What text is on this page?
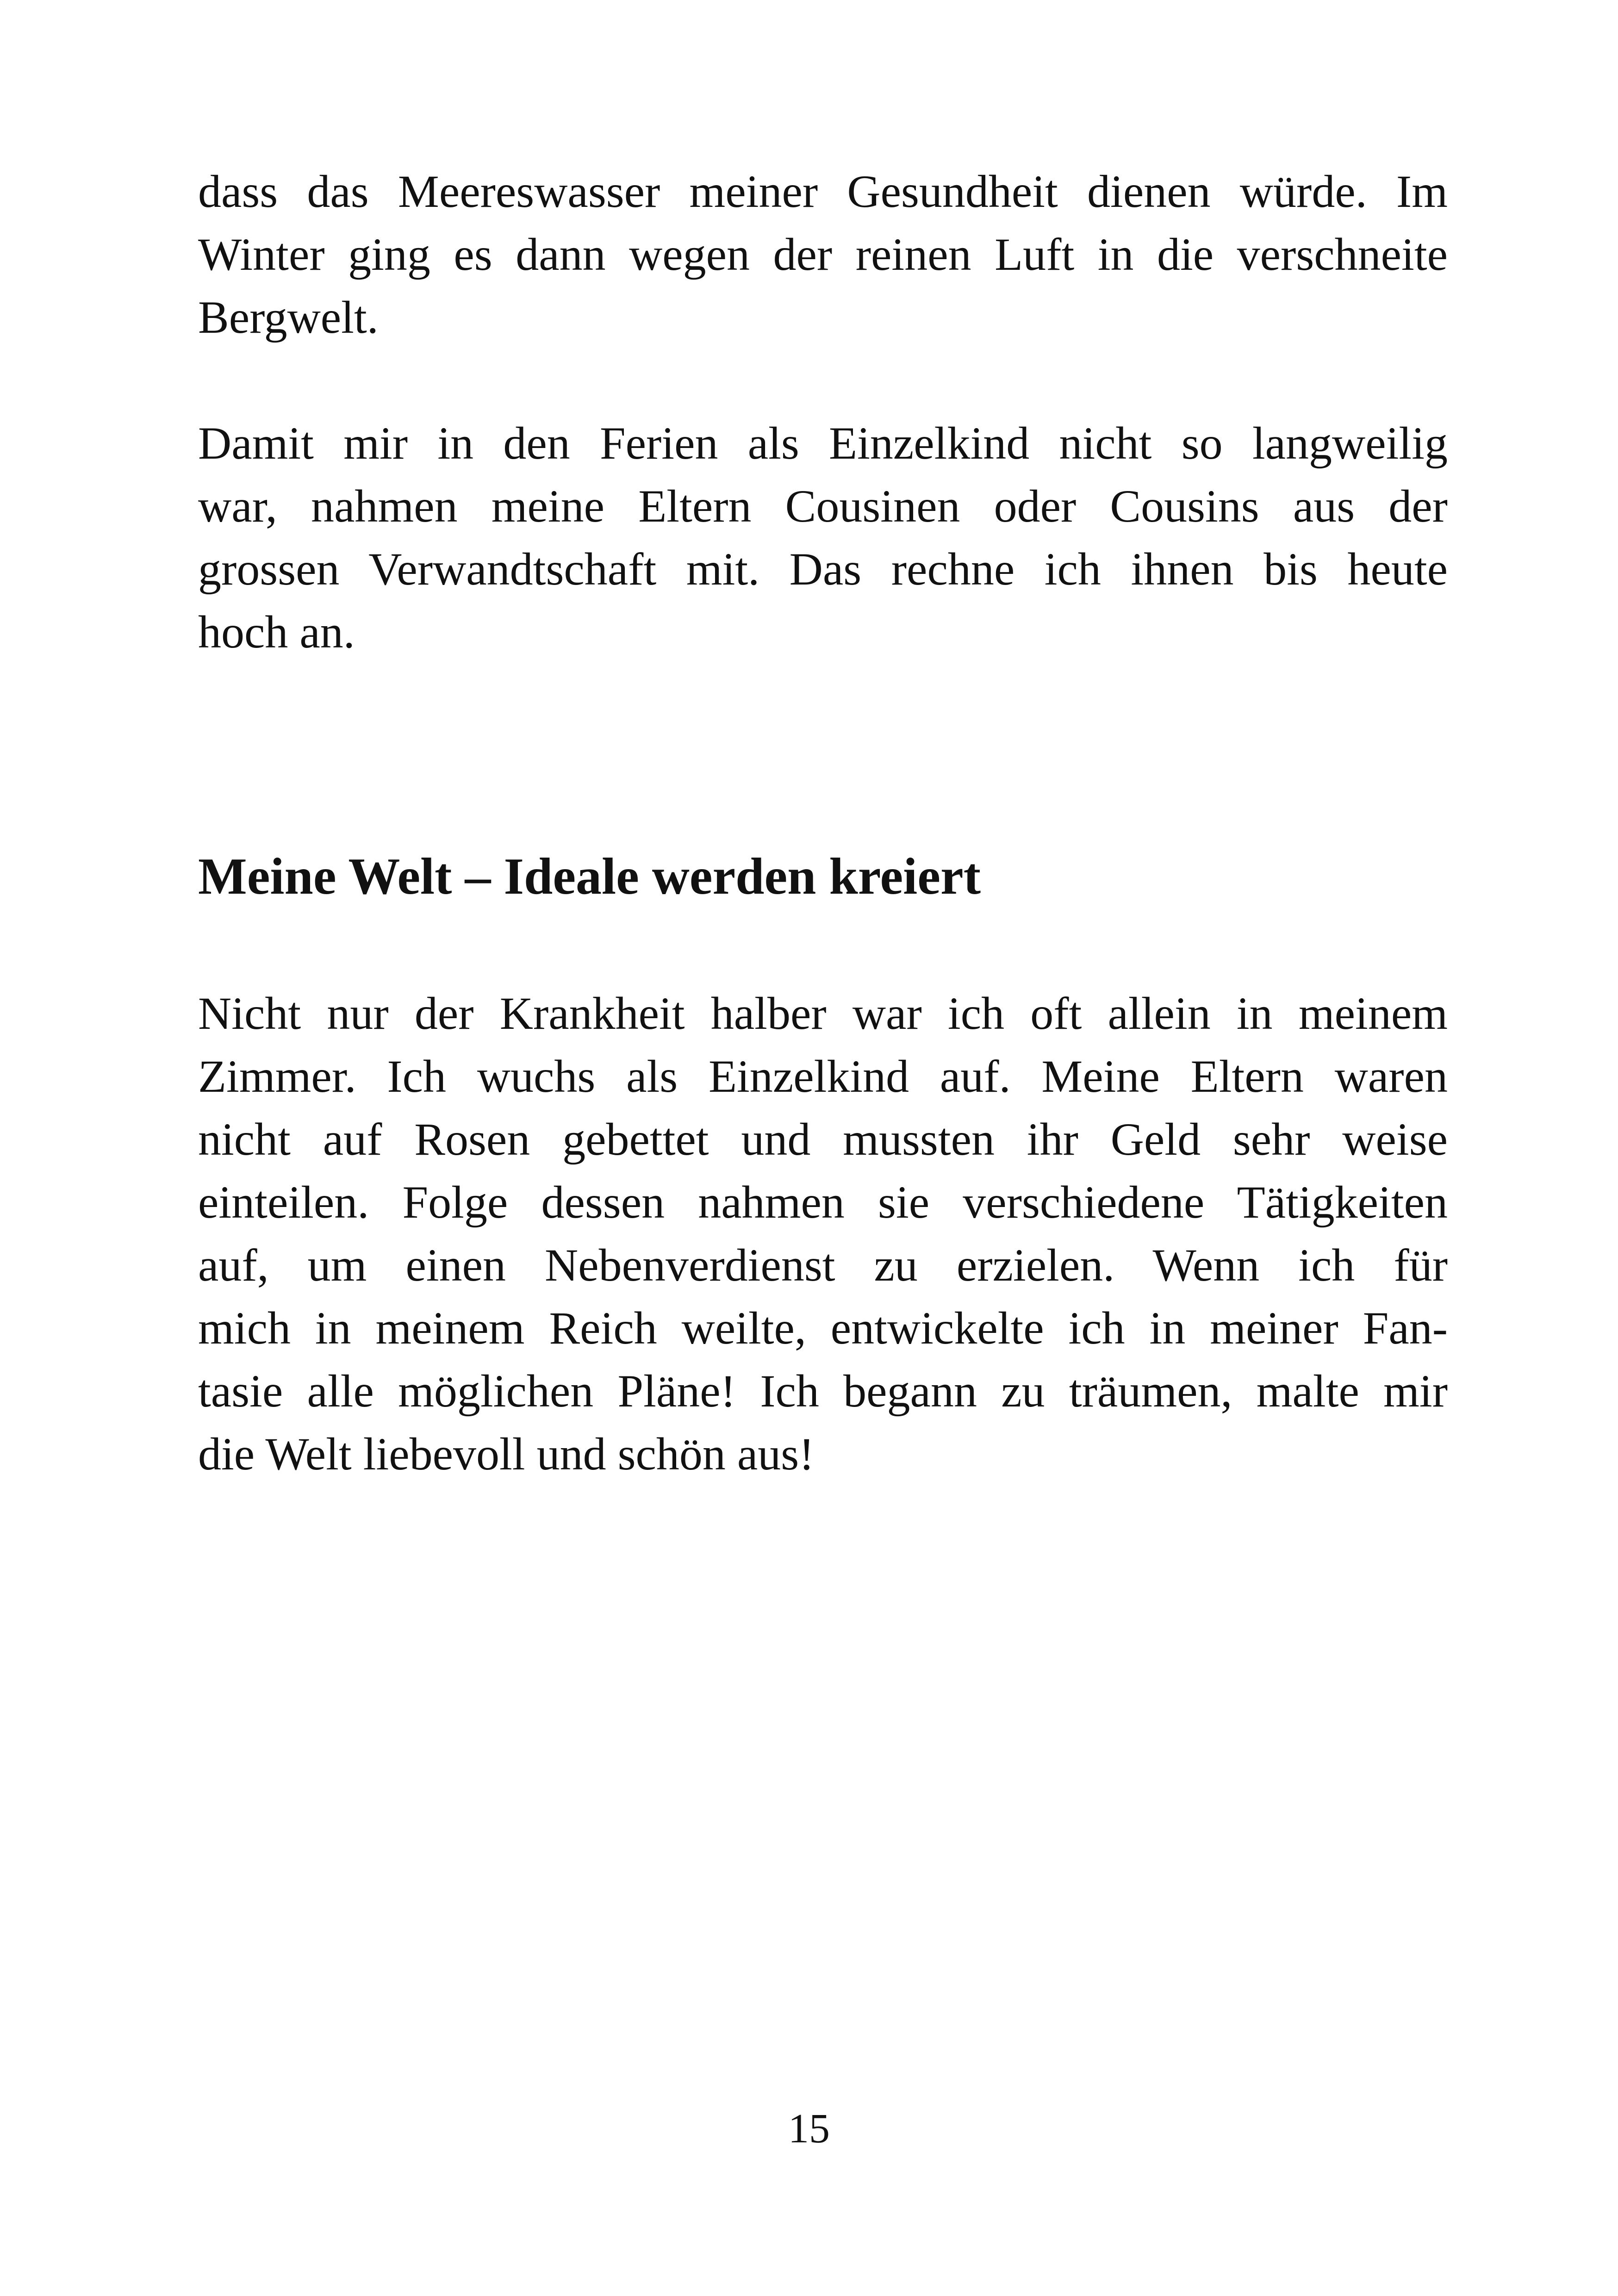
dass das Meereswasser meiner Gesundheit dienen würde. Im
Winter ging es dann wegen der reinen Luft in die verschneite
Bergwelt.
Damit mir in den Ferien als Einzelkind nicht so langweilig
war, nahmen meine Eltern Cousinen oder Cousins aus der
grossen Verwandtschaft mit. Das rechne ich ihnen bis heute
hoch an.
Meine Welt – Ideale werden kreiert
Nicht nur der Krankheit halber war ich oft allein in meinem
Zimmer. Ich wuchs als Einzelkind auf. Meine Eltern waren
nicht auf Rosen gebettet und mussten ihr Geld sehr weise
einteilen. Folge dessen nahmen sie verschiedene Tätigkeiten
auf, um einen Nebenverdienst zu erzielen. Wenn ich für
mich in meinem Reich weilte, entwickelte ich in meiner Fan-
tasie alle möglichen Pläne! Ich begann zu träumen, malte mir
die Welt liebevoll und schön aus!
15
